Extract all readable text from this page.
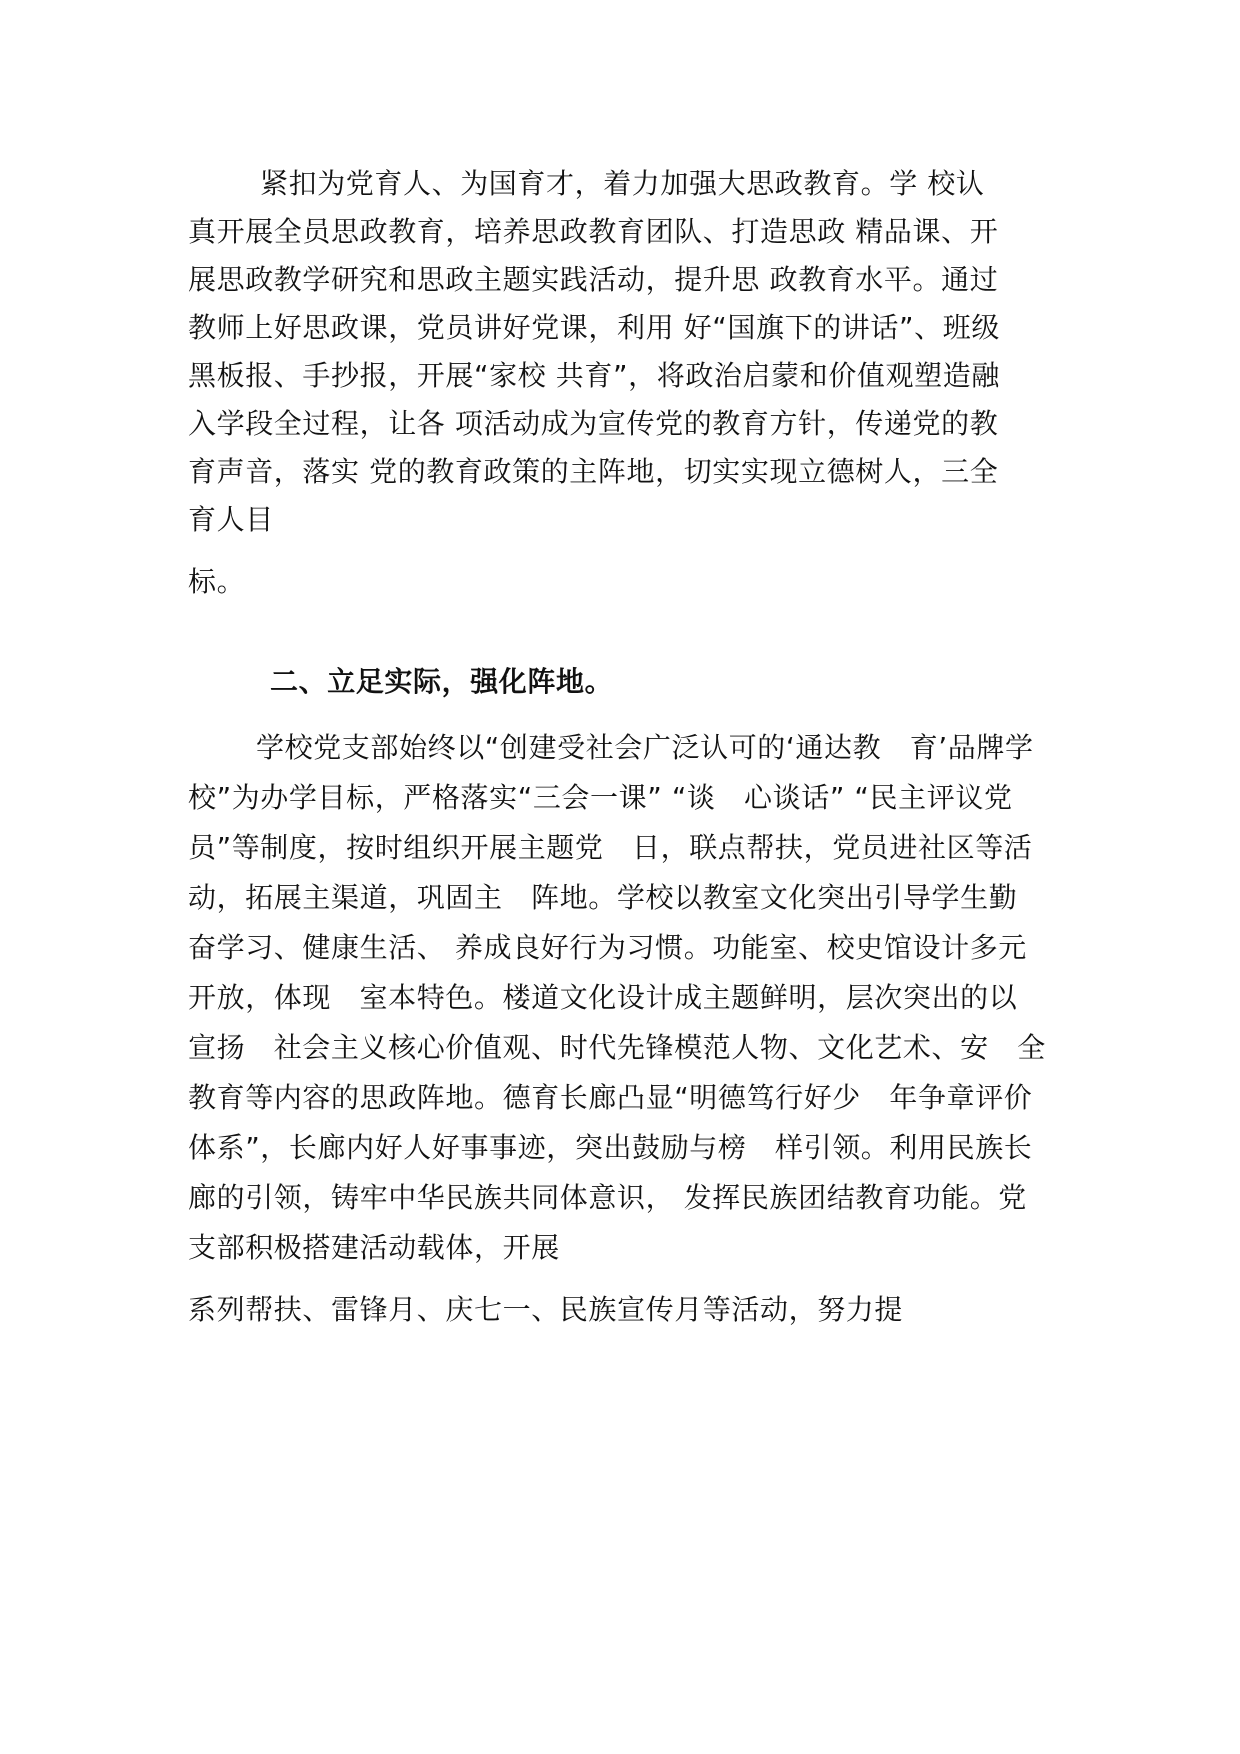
紧扣为党育人、为国育才，着力加强大思政教育。学 校认
真开展全员思政教育，培养思政教育团队、打造思政 精品课、开
展思政教学研究和思政主题实践活动，提升思 政教育水平。通过
教师上好思政课，党员讲好党课，利用 好“国旗下的讲话”、班级
黑板报、手抄报，开展“家校 共育”，将政治启蒙和价值观塑造融
入学段全过程，让各 项活动成为宣传党的教育方针，传递党的教
育声音，落实 党的教育政策的主阵地，切实实现立德树人，三全
育人目
标。
二、立足实际，强化阵地。
学校党支部始终以“创建受社会广泛认可的‘通达教   育’品牌学
校”为办学目标，严格落实“三会一课” “谈   心谈话” “民主评议党
员”等制度，按时组织开展主题党   日，联点帮扶，党员进社区等活
动，拓展主渠道，巩固主   阵地。学校以教室文化突出引导学生勤
奋学习、健康生活、 养成良好行为习惯。功能室、校史馆设计多元
开放，体现   室本特色。楼道文化设计成主题鲜明，层次突出的以
宣扬   社会主义核心价值观、时代先锋模范人物、文化艺术、安   全
教育等内容的思政阵地。德育长廊凸显“明德笃行好少   年争章评价
体系”，长廊内好人好事事迹，突出鼓励与榜   样引领。利用民族长
廊的引领，铸牢中华民族共同体意识， 发挥民族团结教育功能。党
支部积极搭建活动载体，开展
系列帮扶、雷锋月、庆七一、民族宣传月等活动，努力提
